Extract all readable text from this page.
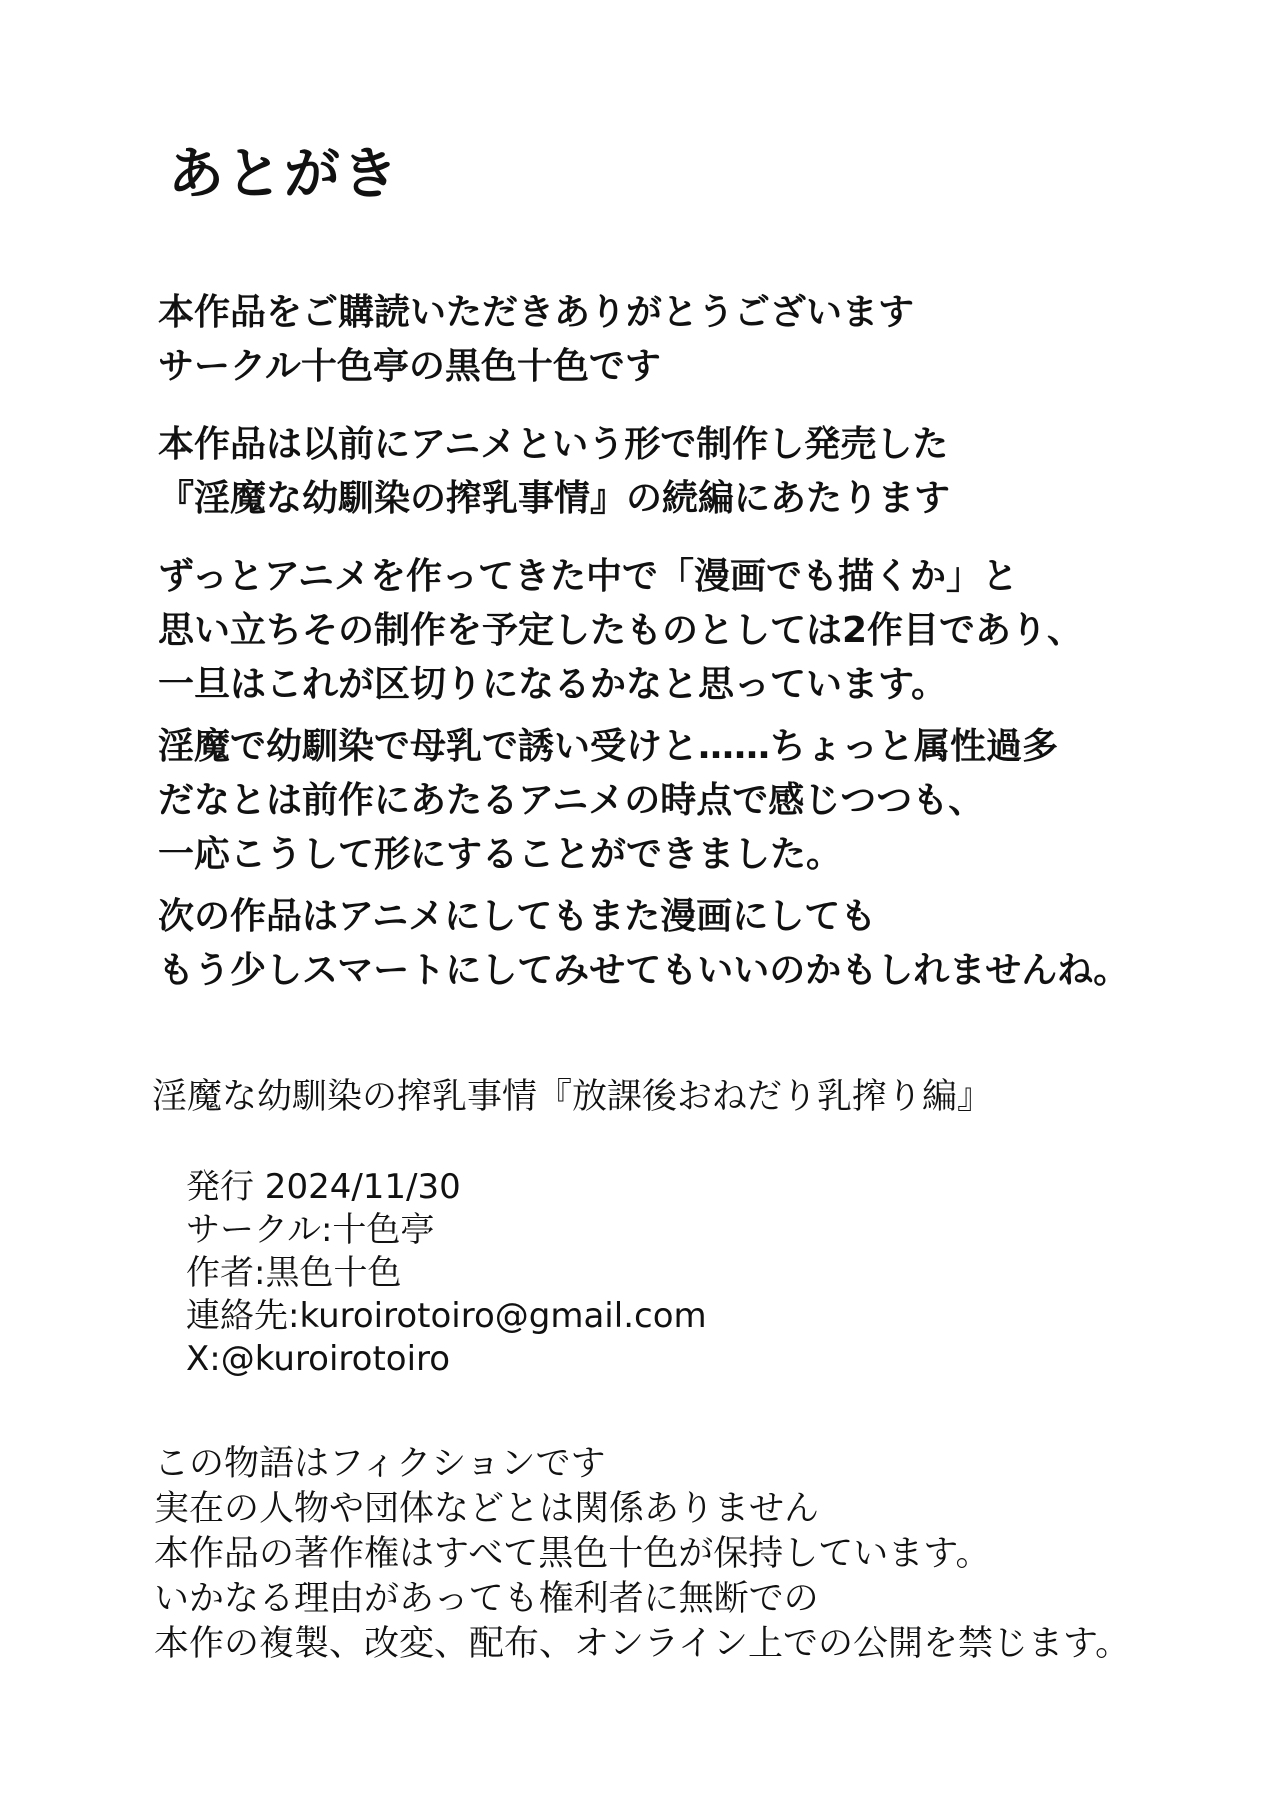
あとがき

本作品をご購読いただきありがとうございます
サークル十色亭の黒色十色です

本作品は以前にアニメという形で制作し発売した
『淫魔な幼馴染の搾乳事情』の続編にあたります

ずっとアニメを作ってきた中で「漫画でも描くか」と
思い立ちその制作を予定したものとしては2作目であり、
一旦はこれが区切りになるかなと思っています。

淫魔で幼馴染で母乳で誘い受けと……ちょっと属性過多
だなとは前作にあたるアニメの時点で感じつつも、
一応こうして形にすることができました。

次の作品はアニメにしてもまた漫画にしても
もう少しスマートにしてみせてもいいのかもしれませんね。

淫魔な幼馴染の搾乳事情『放課後おねだり乳搾り編』

発行 2024/11/30
サークル:十色亭
作者:黒色十色
連絡先:kuroirotoiro@gmail.com
X:@kuroirotoiro

この物語はフィクションです
実在の人物や団体などとは関係ありません
本作品の著作権はすべて黒色十色が保持しています。
いかなる理由があっても権利者に無断での
本作の複製、改変、配布、オンライン上での公開を禁じます。
